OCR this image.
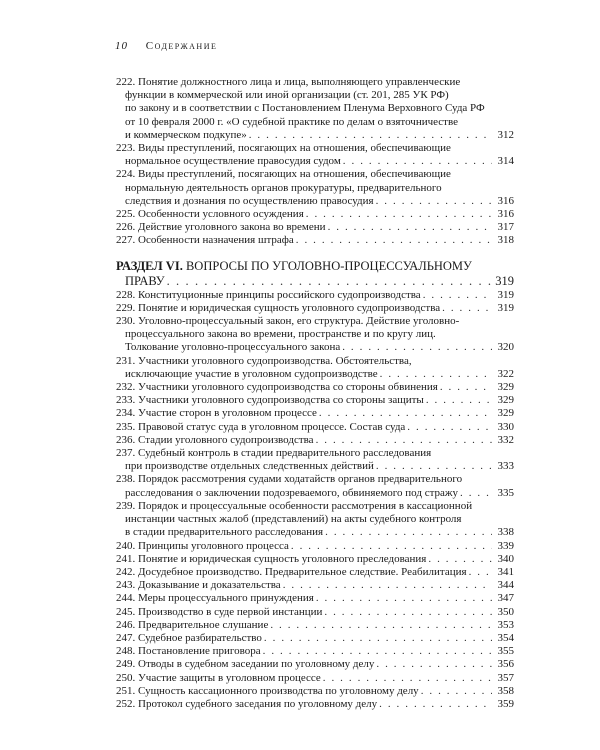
10 Содержание
222. Понятие должностного лица и лица, выполняющего управленческие
функции в коммерческой или иной организации (ст. 201, 285 УК РФ)
по закону и в соответствии с Постановлением Пленума Верховного Суда РФ
от 10 февраля 2000 г. «О судебной практике по делам о взяточничестве
и коммерческом подкупе» . . .	312
223. Виды преступлений, посягающих на отношения, обеспечивающие
нормальное осуществление правосудия судом . . .	314
224. Виды преступлений, посягающих на отношения, обеспечивающие
нормальную деятельность органов прокуратуры, предварительного
следствия и дознания по осуществлению правосудия . . .	316
225. Особенности условного осуждения . . .	316
226. Действие уголовного закона во времени . . .	317
227. Особенности назначения штрафа . . .	318
РАЗДЕЛ VI. ВОПРОСЫ ПО УГОЛОВНО-ПРОЦЕССУАЛЬНОМУ
ПРАВУ . . .	319
228. Конституционные принципы российского судопроизводства . . .	319
229. Понятие и юридическая сущность уголовного судопроизводства . . .	319
230. Уголовно-процессуальный закон, его структура. Действие уголовно-
процессуального закона во времени, пространстве и по кругу лиц.
Толкование уголовно-процессуального закона . . .	320
231. Участники уголовного судопроизводства. Обстоятельства,
исключающие участие в уголовном судопроизводстве . . .	322
232. Участники уголовного судопроизводства со стороны обвинения . . .	329
233. Участники уголовного судопроизводства со стороны защиты . . .	329
234. Участие сторон в уголовном процессе . . .	329
235. Правовой статус суда в уголовном процессе. Состав суда . . .	330
236. Стадии уголовного судопроизводства . . .	332
237. Судебный контроль в стадии предварительного расследования
при производстве отдельных следственных действий . . .	333
238. Порядок рассмотрения судами ходатайств органов предварительного
расследования о заключении подозреваемого, обвиняемого под стражу . . .	335
239. Порядок и процессуальные особенности рассмотрения в кассационной
инстанции частных жалоб (представлений) на акты судебного контроля
в стадии предварительного расследования . . .	338
240. Принципы уголовного процесса . . .	339
241. Понятие и юридическая сущность уголовного преследования . . .	340
242. Досудебное производство. Предварительное следствие. Реабилитация . . .	341
243. Доказывание и доказательства . . .	344
244. Меры процессуального принуждения . . .	347
245. Производство в суде первой инстанции . . .	350
246. Предварительное слушание . . .	353
247. Судебное разбирательство . . .	354
248. Постановление приговора . . .	355
249. Отводы в судебном заседании по уголовному делу . . .	356
250. Участие защиты в уголовном процессе . . .	357
251. Сущность кассационного производства по уголовному делу . . .	358
252. Протокол судебного заседания по уголовному делу . . .	359
